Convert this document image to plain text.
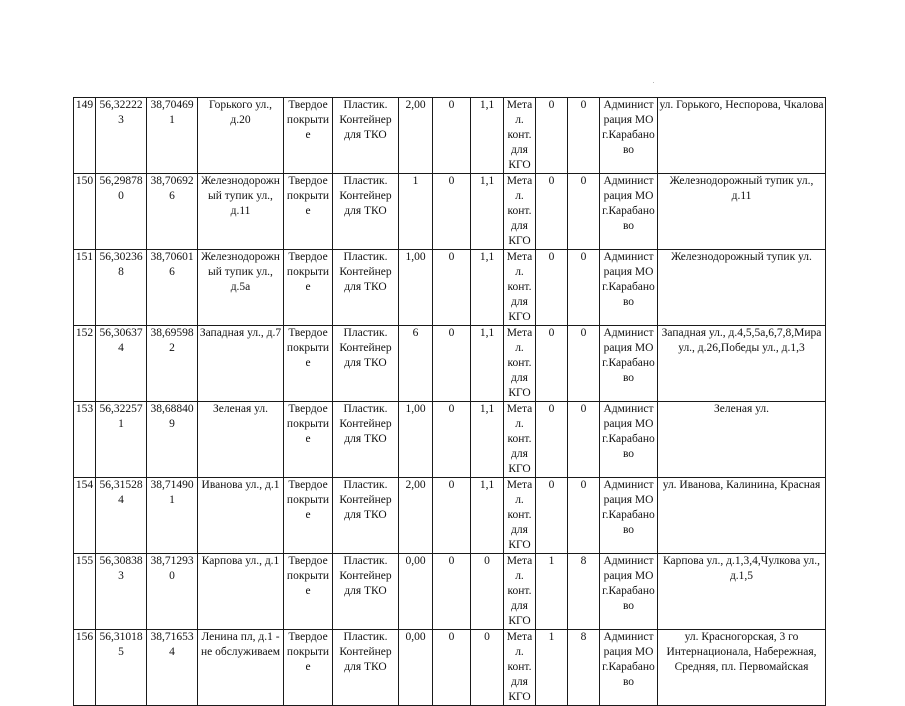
149	56,322223	38,704691	Горького ул., д.20	Твердое покрытие	Пластик. Контейнер для ТКО	2,00	0	1,1	Метал. конт. для КГО	0	0	Администрация МО г.Карабаново	ул. Горького, Неспорова, Чкалова
150	56,298780	38,706926	Железнодорожный тупик ул., д.11	Твердое покрытие	Пластик. Контейнер для ТКО	1	0	1,1	Метал. конт. для КГО	0	0	Администрация МО г.Карабаново	Железнодорожный тупик ул., д.11
151	56,302368	38,706016	Железнодорожный тупик ул., д.5а	Твердое покрытие	Пластик. Контейнер для ТКО	1,00	0	1,1	Метал. конт. для КГО	0	0	Администрация МО г.Карабаново	Железнодорожный тупик ул.
152	56,306374	38,695982	Западная ул., д.7	Твердое покрытие	Пластик. Контейнер для ТКО	6	0	1,1	Метал. конт. для КГО	0	0	Администрация МО г.Карабаново	Западная ул., д.4,5,5а,6,7,8,Мира ул., д.26,Победы ул., д.1,3
153	56,322571	38,688409	Зеленая ул.	Твердое покрытие	Пластик. Контейнер для ТКО	1,00	0	1,1	Метал. конт. для КГО	0	0	Администрация МО г.Карабаново	Зеленая ул.
154	56,315284	38,714901	Иванова ул., д.1	Твердое покрытие	Пластик. Контейнер для ТКО	2,00	0	1,1	Метал. конт. для КГО	0	0	Администрация МО г.Карабаново	ул. Иванова, Калинина, Красная
155	56,308383	38,712930	Карпова ул., д.1	Твердое покрытие	Пластик. Контейнер для ТКО	0,00	0	0	Метал. конт. для КГО	1	8	Администрация МО г.Карабаново	Карпова ул., д.1,3,4,Чулкова ул., д.1,5
156	56,310185	38,716534	Ленина пл, д.1 - не обслуживаем	Твердое покрытие	Пластик. Контейнер для ТКО	0,00	0	0	Метал. конт. для КГО	1	8	Администрация МО г.Карабаново	ул. Красногорская, 3 го Интернационала, Набережная, Средняя, пл. Первомайская
